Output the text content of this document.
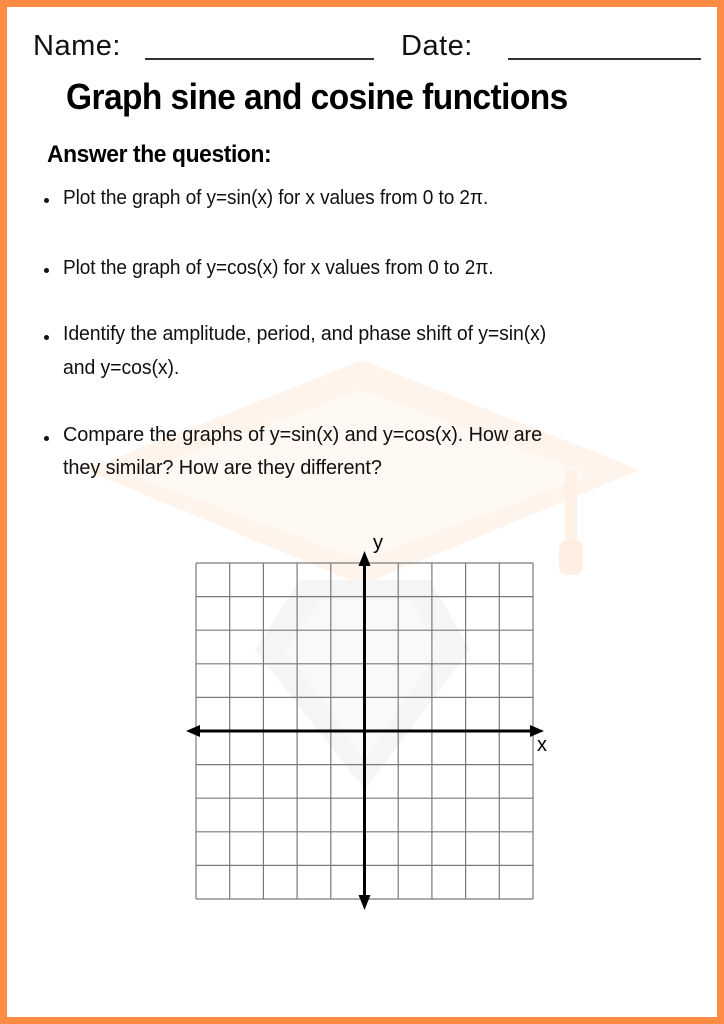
Name:	Date:
Graph sine and cosine functions
Answer the question:
Plot the graph of y=sin(x) for x values from 0 to 2π.
Plot the graph of y=cos(x) for x values from 0 to 2π.
Identify the amplitude, period, and phase shift of y=sin(x)
and y=cos(x).
Compare the graphs of y=sin(x) and y=cos(x). How are
they similar? How are they different?
x
y
